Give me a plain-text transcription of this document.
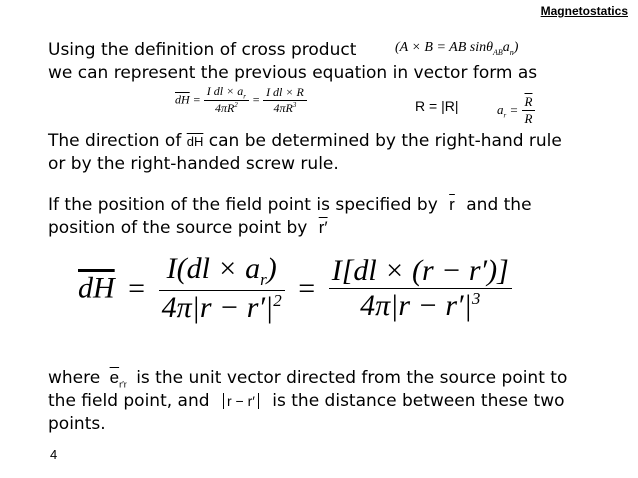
Magnetostatics
Using the definition of cross product	(A × B = AB $\sin\theta_{AB}a_n$)
we can represent the previous equation in vector form as
$\overline{dH} = \frac{I dl \times a_r}{4\pi R^2} = \frac{\text{I dl × R}}{4\pi R^3}$	R = |R|	$a_r = \frac{\overline{R}}{R}$
The direction of $\overline{dH}$ can be determined by the right-hand rule
or by the right-handed screw rule.
If the position of the field point is specified by $\overline{r}$ and the
position of the source point by r′
$\overline{dH} = \frac{I(dl \times a_r)}{4\pi|r - r'|^2} = \frac{I[dl \times (r - r')]}{4\pi|r - r'|^3}$
where $\overline{e}_{r'r}$ is the unit vector directed from the source point to
the field point, and r − r′ is the distance between these two
points.
4
